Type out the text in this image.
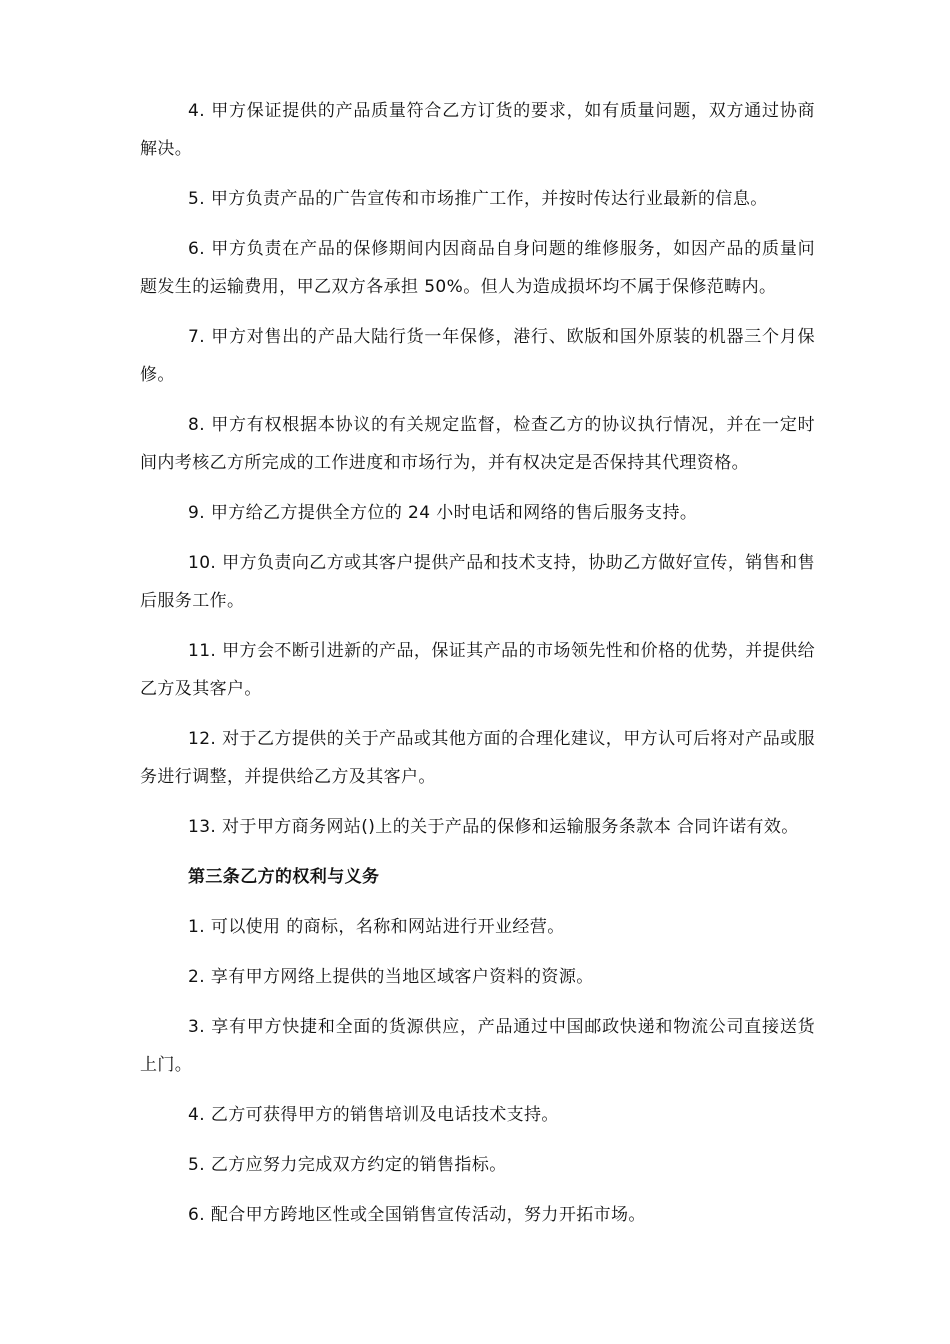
4. 甲方保证提供的产品质量符合乙方订货的要求，如有质量问题，双方通过协商解决。

5. 甲方负责产品的广告宣传和市场推广工作，并按时传达行业最新的信息。

6. 甲方负责在产品的保修期间内因商品自身问题的维修服务，如因产品的质量问题发生的运输费用，甲乙双方各承担 50%。但人为造成损坏均不属于保修范畴内。

7. 甲方对售出的产品大陆行货一年保修，港行、欧版和国外原装的机器三个月保修。

8. 甲方有权根据本协议的有关规定监督，检查乙方的协议执行情况，并在一定时间内考核乙方所完成的工作进度和市场行为，并有权决定是否保持其代理资格。

9. 甲方给乙方提供全方位的 24 小时电话和网络的售后服务支持。

10. 甲方负责向乙方或其客户提供产品和技术支持，协助乙方做好宣传，销售和售后服务工作。

11. 甲方会不断引进新的产品，保证其产品的市场领先性和价格的优势，并提供给乙方及其客户。

12. 对于乙方提供的关于产品或其他方面的合理化建议，甲方认可后将对产品或服务进行调整，并提供给乙方及其客户。

13. 对于甲方商务网站()上的关于产品的保修和运输服务条款本 合同许诺有效。

第三条乙方的权利与义务

1. 可以使用 的商标，名称和网站进行开业经营。

2. 享有甲方网络上提供的当地区域客户资料的资源。

3. 享有甲方快捷和全面的货源供应，产品通过中国邮政快递和物流公司直接送货上门。

4. 乙方可获得甲方的销售培训及电话技术支持。

5. 乙方应努力完成双方约定的销售指标。

6. 配合甲方跨地区性或全国销售宣传活动，努力开拓市场。
